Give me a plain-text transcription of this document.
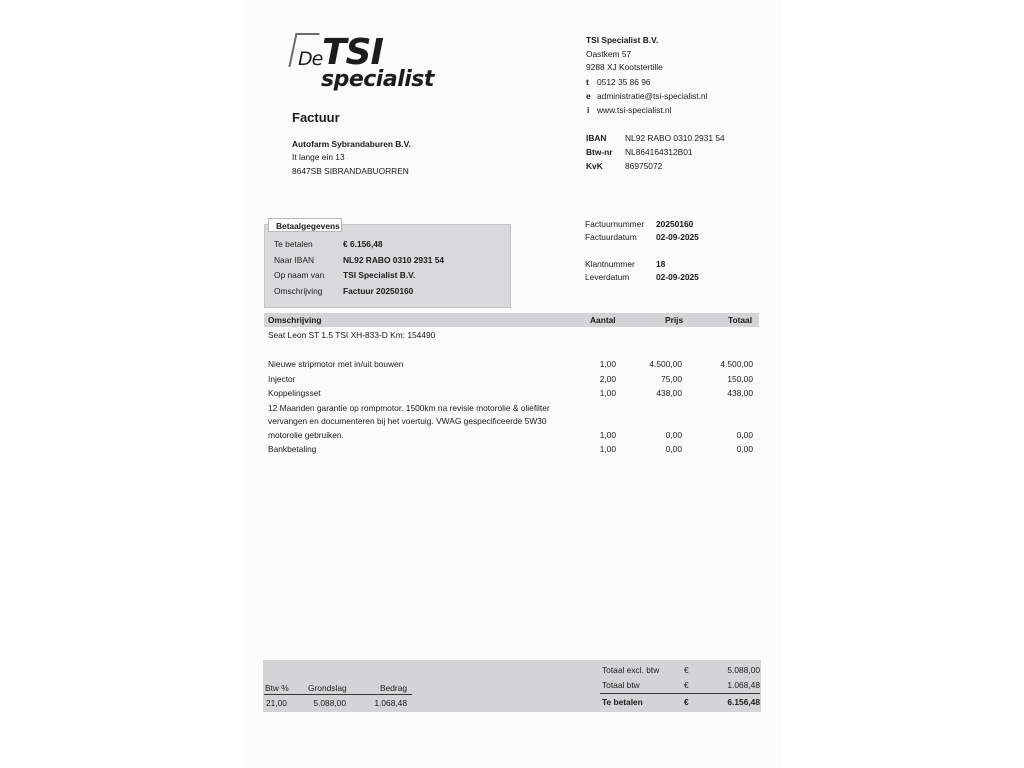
De TSI
specialist
TSI Specialist B.V.
Oastkem 57
9288 XJ Kootstertille
t 0512 35 86 96
e administratie@tsi-specialist.nl
i www.tsi-specialist.nl
IBAN NL92 RABO 0310 2931 54
Btw-nr NL864164312B01
KvK	86975072
Factuur
Autofarm Sybrandaburen B.V.
It lange ein 13
8647SB SIBRANDABUORREN
Betaalgegevens
Te betalen	€ 6.156,48
Naar IBAN	NL92 RABO 0310 2931 54
Op naam van TSI Specialist B.V.
Omschrijving Factuur 20250160
Factuurnummer 20250160
Factuurdatum 02-09-2025
Klantnummer	18
Leverdatum	02-09-2025
Omschrijving	Aantal	Prijs	Totaal
Seat Leon ST 1.5 TSI XH-833-D Km: 154490
Nieuwe stripmotor met in/uit bouwen	1,00	4.500,00	4.500,00
Injector	2,00	75,00	150,00
Koppelingsset	1,00	438,00	438,00
12 Maanden garantie op rompmotor. 1500km na revisie motorolie & oliefilter
vervangen en documenteren bij het voertuig. VWAG gespecificeerde 5W30
motorolie gebruiken.	1,00	0,00	0,00
Bankbetaling	1,00	0,00	0,00
Btw % Grondslag	Bedrag
21,00	5.088,00	1.068,48
Totaal excl. btw	€	5.088,00
Totaal btw	€	1.068,48
Te betalen	€	6.156,48
